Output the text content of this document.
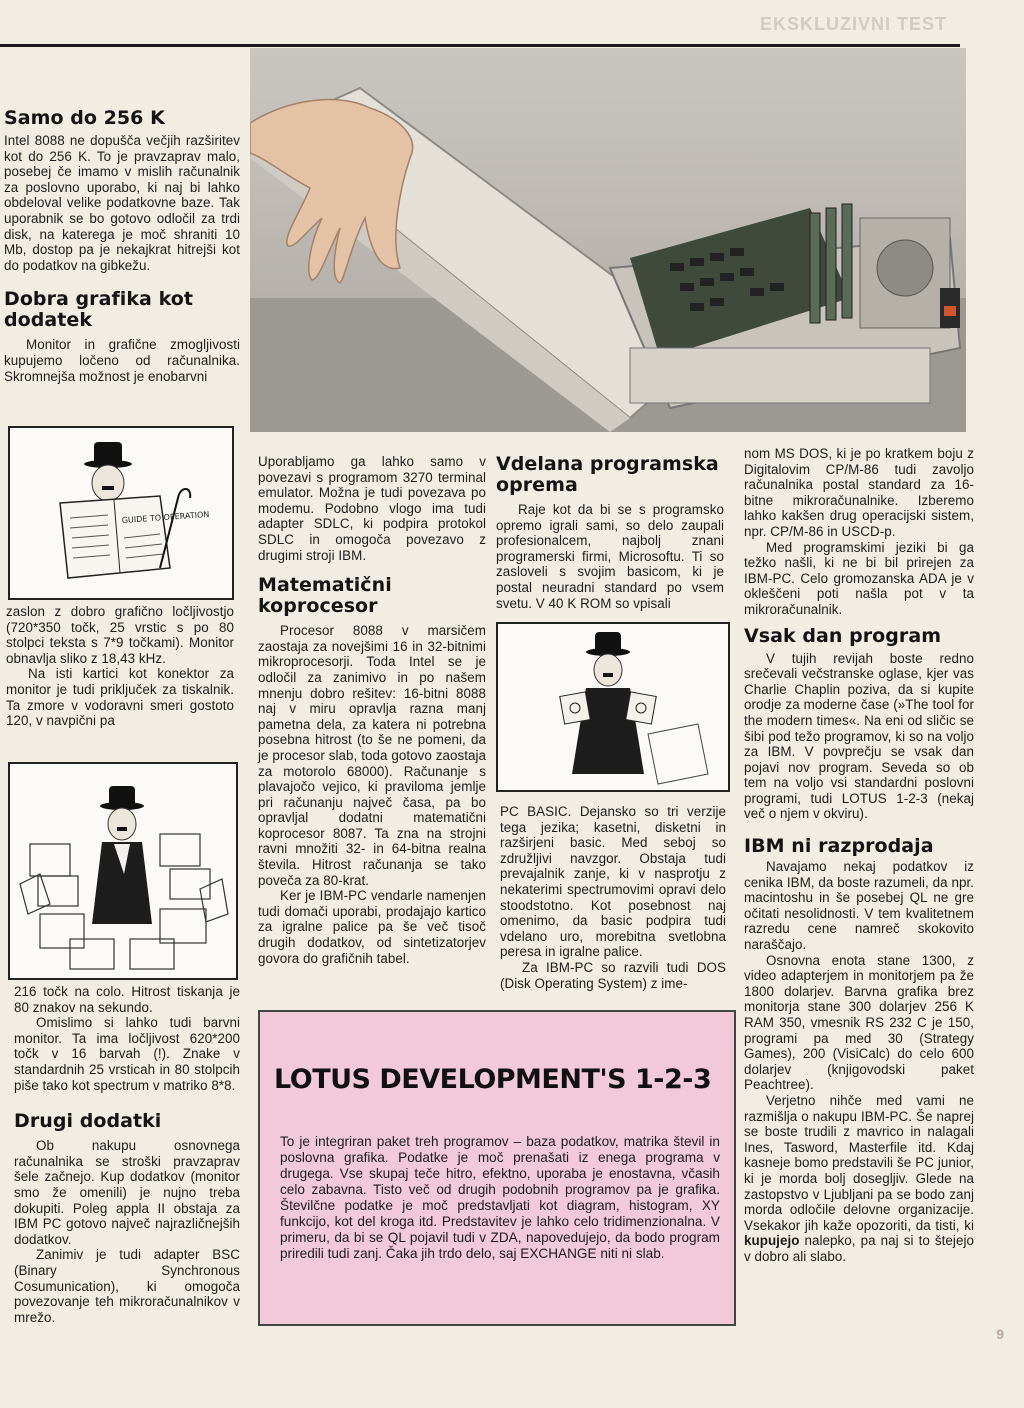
EKSKLUZIVNI TEST
Samo do 256 K

Intel 8088 ne dopušča večjih razširitev kot do 256 K. To je pravzaprav malo, posebej če imamo v mislih računalnik za poslovno uporabo, ki naj bi lahko obdeloval velike podatkovne baze. Tak uporabnik se bo gotovo odločil za trdi disk, na katerega je moč shraniti 10 Mb, dostop pa je nekajkrat hitrejši kot do podatkov na gibkežu.

Dobra grafika kot dodatek

Monitor in grafične zmogljivosti kupujemo ločeno od računalnika. Skromnejša možnost je enobarvni

GUIDE TO OPERATION

zaslon z dobro grafično ločljivostjo (720*350 točk, 25 vrstic s po 80 stolpci teksta s 7*9 točkami). Monitor obnavlja sliko z 18,43 kHz.

Na isti kartici kot konektor za monitor je tudi priključek za tiskalnik. Ta zmore v vodoravni smeri gostoto 120, v navpični pa

216 točk na colo. Hitrost tiskanja je 80 znakov na sekundo.

Omislimo si lahko tudi barvni monitor. Ta ima ločljivost 620*200 točk v 16 barvah (!). Znake v standardnih 25 vrsticah in 80 stolpcih piše tako kot spectrum v matriko 8*8.

Drugi dodatki

Ob nakupu osnovnega računalnika se stroški pravzaprav šele začnejo. Kup dodatkov (monitor smo že omenili) je nujno treba dokupiti. Poleg appla II obstaja za IBM PC gotovo največ najrazličnejših dodatkov.

Zanimiv je tudi adapter BSC (Binary Synchronous Cosumunication), ki omogoča povezovanje teh mikroračunalnikov v mrežo.

Uporabljamo ga lahko samo v povezavi s programom 3270 terminal emulator. Možna je tudi povezava po modemu. Podobno vlogo ima tudi adapter SDLC, ki podpira protokol SDLC in omogoča povezavo z drugimi stroji IBM.

Matematični koprocesor

Procesor 8088 v marsičem zaostaja za novejšimi 16 in 32-bitnimi mikroprocesorji. Toda Intel se je odločil za zanimivo in po našem mnenju dobro rešitev: 16-bitni 8088 naj v miru opravlja razna manj pametna dela, za katera ni potrebna posebna hitrost (to še ne pomeni, da je procesor slab, toda gotovo zaostaja za motorolo 68000). Računanje s plavajočo vejico, ki praviloma jemlje pri računanju največ časa, pa bo opravljal dodatni matematični koprocesor 8087. Ta zna na strojni ravni množiti 32- in 64-bitna realna števila. Hitrost računanja se tako poveča za 80-krat.

Ker je IBM-PC vendarle namenjen tudi domači uporabi, prodajajo kartico za igralne palice pa še več tisoč drugih dodatkov, od sintetizatorjev govora do grafičnih tabel.

Vdelana programska oprema

Raje kot da bi se s programsko opremo igrali sami, so delo zaupali profesionalcem, najbolj znani programerski firmi, Microsoftu. Ti so zasloveli s svojim basicom, ki je postal neuradni standard po vsem svetu. V 40 K ROM so vpisali

PC BASIC. Dejansko so tri verzije tega jezika; kasetni, disketni in razširjeni basic. Med seboj so združljivi navzgor. Obstaja tudi prevajalnik zanje, ki v nasprotju z nekaterimi spectrumovimi opravi delo stoodstotno. Kot posebnost naj omenimo, da basic podpira tudi vdelano uro, morebitna svetlobna peresa in igralne palice.

Za IBM-PC so razvili tudi DOS (Disk Operating System) z ime-

nom MS DOS, ki je po kratkem boju z Digitalovim CP/M-86 tudi zavoljo računalnika postal standard za 16-bitne mikroračunalnike. Izberemo lahko kakšen drug operacijski sistem, npr. CP/M-86 in USCD-p.

Med programskimi jeziki bi ga težko našli, ki ne bi bil prirejen za IBM-PC. Celo gromozanska ADA je v okleščeni poti našla pot v ta mikroračunalnik.

Vsak dan program

V tujih revijah boste redno srečevali večstranske oglase, kjer vas Charlie Chaplin poziva, da si kupite orodje za moderne čase (»The tool for the modern times«. Na eni od sličic se šibi pod težo programov, ki so na voljo za IBM. V povprečju se vsak dan pojavi nov program. Seveda so ob tem na voljo vsi standardni poslovni programi, tudi LOTUS 1-2-3 (nekaj več o njem v okviru).

IBM ni razprodaja

Navajamo nekaj podatkov iz cenika IBM, da boste razumeli, da npr. macintoshu in še posebej QL ne gre očitati nesolidnosti. V tem kvalitetnem razredu cene namreč skokovito naraščajo.

Osnovna enota stane 1300, z video adapterjem in monitorjem pa že 1800 dolarjev. Barvna grafika brez monitorja stane 300 dolarjev 256 K RAM 350, vmesnik RS 232 C je 150, programi pa med 30 (Strategy Games), 200 (VisiCalc) do celo 600 dolarjev (knjigovodski paket Peachtree).

Verjetno nihče med vami ne razmišlja o nakupu IBM-PC. Še naprej se boste trudili z mavrico in nalagali Ines, Tasword, Masterfile itd. Kdaj kasneje bomo predstavili še PC junior, ki je morda bolj dosegljiv. Glede na zastopstvo v Ljubljani pa se bodo zanj morda odločile delovne organizacije. Vsekakor jih kaže opozoriti, da tisti, ki kupujejo nalepko, pa naj si to štejejo v dobro ali slabo.

LOTUS DEVELOPMENT'S 1-2-3
To je integriran paket treh programov – baza podatkov, matrika števil in poslovna grafika. Podatke je moč prenašati iz enega programa v drugega. Vse skupaj teče hitro, efektno, uporaba je enostavna, včasih celo zabavna. Tisto več od drugih podobnih programov pa je grafika. Številčne podatke je moč predstavljati kot diagram, histogram, XY funkcijo, kot del kroga itd. Predstavitev je lahko celo tridimenzionalna. V primeru, da bi se QL pojavil tudi v ZDA, napovedujejo, da bodo program priredili tudi zanj. Čaka jih trdo delo, saj EXCHANGE niti ni slab.
9
